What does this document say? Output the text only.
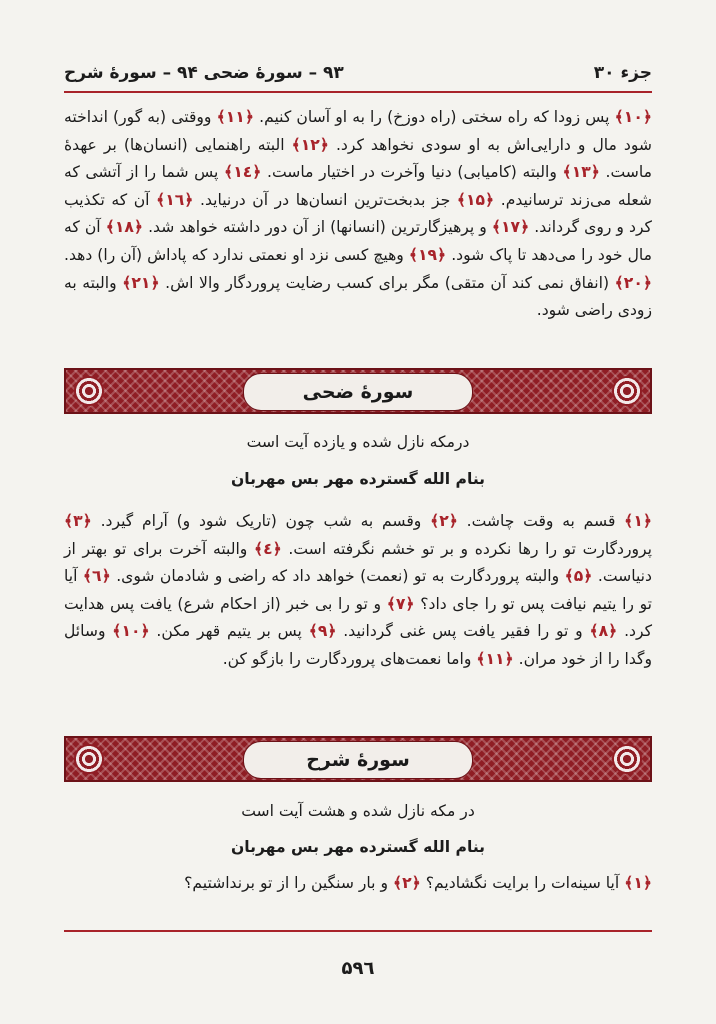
جزء ۳۰
۹۳ – سورۀ ضحی ۹۴ – سورۀ شرح

﴿۱۰﴾ پس زودا که راه سختی (راه دوزخ) را به او آسان کنیم. ﴿۱۱﴾ ووقتی (به گور) انداخته شود مال و دارایی‌اش به او سودی نخواهد کرد. ﴿۱۲﴾ البته راهنمایی (انسان‌ها) بر عهدۀ ماست. ﴿۱۳﴾ والبته (کامیابی) دنیا وآخرت در اختیار ماست. ﴿۱٤﴾ پس شما را از آتشی که شعله می‌زند ترسانیدم. ﴿۱۵﴾ جز بدبخت‌ترین انسان‌ها در آن درنیاید. ﴿۱٦﴾ آن که تکذیب کرد و روی گرداند. ﴿۱۷﴾ و پرهیزگارترین (انسانها) از آن دور داشته خواهد شد. ﴿۱۸﴾ آن که مال خود را می‌دهد تا پاک شود. ﴿۱۹﴾ وهیچ کسی نزد او نعمتی ندارد که پاداش (آن را) دهد. ﴿۲۰﴾ (انفاق نمی کند آن متقی) مگر برای کسب رضایت پروردگار والا اش. ﴿۲۱﴾ والبته به زودی راضی شود.

سورۀ ضحی
درمکه نازل شده و یازده آیت است
بنام الله گسترده مهر بس مهربان

﴿۱﴾ قسم به وقت چاشت. ﴿۲﴾ وقسم به شب چون (تاریک شود و) آرام گیرد. ﴿۳﴾ پروردگارت تو را رها نکرده و بر تو خشم نگرفته است. ﴿٤﴾ والبته آخرت برای تو بهتر از دنیاست. ﴿۵﴾ والبته پروردگارت به تو (نعمت) خواهد داد که راضی و شادمان شوی. ﴿٦﴾ آیا تو را یتیم نیافت پس تو را جای داد؟ ﴿۷﴾ و تو را بی خبر (از احکام شرع) یافت پس هدایت کرد. ﴿۸﴾ و تو را فقیر یافت پس غنی گردانید. ﴿۹﴾ پس بر یتیم قهر مکن. ﴿۱۰﴾ وسائل وگدا را از خود مران. ﴿۱۱﴾ واما نعمت‌های پروردگارت را بازگو کن.

سورۀ شرح
در مکه نازل شده و هشت آیت است
بنام الله گسترده مهر بس مهربان

﴿۱﴾ آیا سینه‌ات را برایت نگشادیم؟ ﴿۲﴾ و بار سنگین را از تو برنداشتیم؟

۵۹٦
